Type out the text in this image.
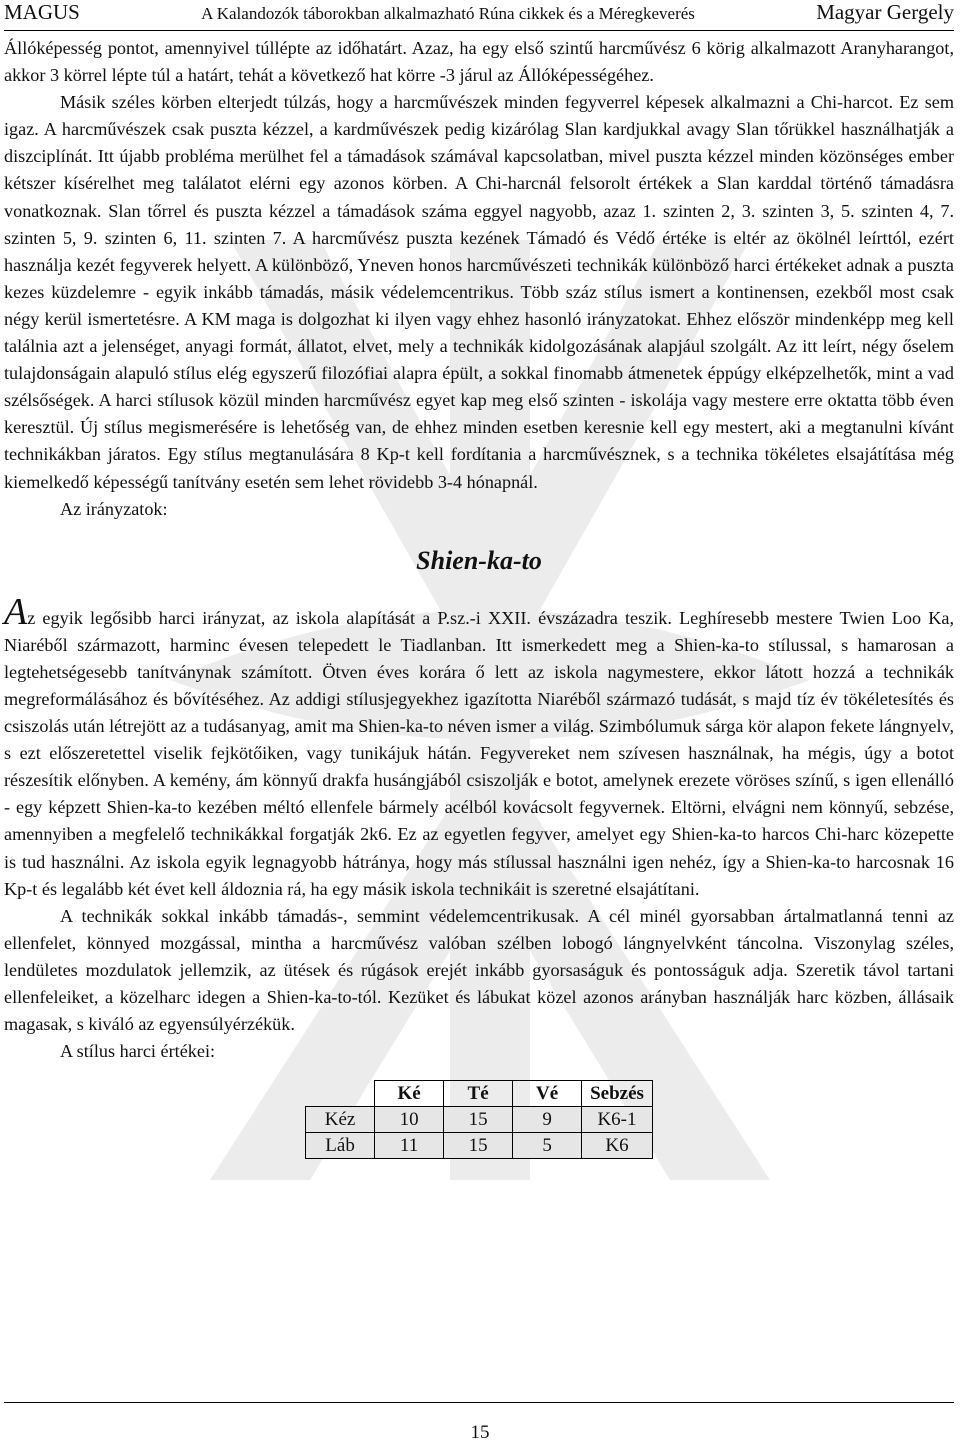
MAGUS	A Kalandozók táborokban alkalmazható Rúna cikkek és a Méregkeverés	Magyar Gergely

Állóképesség pontot, amennyivel túllépte az időhatárt. Azaz, ha egy első szintű harcművész 6 körig alkalmazott Aranyharangot, akkor 3 körrel lépte túl a határt, tehát a következő hat körre -3 járul az Állóképességéhez.

Másik széles körben elterjedt túlzás, hogy a harcművészek minden fegyverrel képesek alkalmazni a Chi-harcot. Ez sem igaz. A harcművészek csak puszta kézzel, a kardművészek pedig kizárólag Slan kardjukkal avagy Slan tőrükkel használhatják a diszciplínát. Itt újabb probléma merülhet fel a támadások számával kapcsolatban, mivel puszta kézzel minden közönséges ember kétszer kísérelhet meg találatot elérni egy azonos körben. A Chi-harcnál felsorolt értékek a Slan karddal történő támadásra vonatkoznak. Slan tőrrel és puszta kézzel a támadások száma eggyel nagyobb, azaz 1. szinten 2, 3. szinten 3, 5. szinten 4, 7. szinten 5, 9. szinten 6, 11. szinten 7. A harcművész puszta kezének Támadó és Védő értéke is eltér az ökölnél leírttól, ezért használja kezét fegyverek helyett. A különböző, Yneven honos harcművészeti technikák különböző harci értékeket adnak a puszta kezes küzdelemre - egyik inkább támadás, másik védelemcentrikus. Több száz stílus ismert a kontinensen, ezekből most csak négy kerül ismertetésre. A KM maga is dolgozhat ki ilyen vagy ehhez hasonló irányzatokat. Ehhez először mindenképp meg kell találnia azt a jelenséget, anyagi formát, állatot, elvet, mely a technikák kidolgozásának alapjául szolgált. Az itt leírt, négy őselem tulajdonságain alapuló stílus elég egyszerű filozófiai alapra épült, a sokkal finomabb átmenetek éppúgy elképzelhetők, mint a vad szélsőségek. A harci stílusok közül minden harcművész egyet kap meg első szinten - iskolája vagy mestere erre oktatta több éven keresztül. Új stílus megismerésére is lehetőség van, de ehhez minden esetben keresnie kell egy mestert, aki a megtanulni kívánt technikákban járatos. Egy stílus megtanulására 8 Kp-t kell fordítania a harcművésznek, s a technika tökéletes elsajátítása még kiemelkedő képességű tanítvány esetén sem lehet rövidebb 3-4 hónapnál.

Az irányzatok:

Shien-ka-to

Az egyik legősibb harci irányzat, az iskola alapítását a P.sz.-i XXII. évszázadra teszik. Leghíresebb mestere Twien Loo Ka, Niaréből származott, harminc évesen telepedett le Tiadlanban. Itt ismerkedett meg a Shien-ka-to stílussal, s hamarosan a legtehetségesebb tanítványnak számított. Ötven éves korára ő lett az iskola nagymestere, ekkor látott hozzá a technikák megreformálásához és bővítéséhez. Az addigi stílusjegyekhez igazította Niaréből származó tudását, s majd tíz év tökéletesítés és csiszolás után létrejött az a tudásanyag, amit ma Shien-ka-to néven ismer a világ. Szimbólumuk sárga kör alapon fekete lángnyelv, s ezt előszeretettel viselik fejkötőiken, vagy tunikájuk hátán. Fegyvereket nem szívesen használnak, ha mégis, úgy a botot részesítik előnyben. A kemény, ám könnyű drakfa husángjából csiszolják e botot, amelynek erezete vöröses színű, s igen ellenálló - egy képzett Shien-ka-to kezében méltó ellenfele bármely acélból kovácsolt fegyvernek. Eltörni, elvágni nem könnyű, sebzése, amennyiben a megfelelő technikákkal forgatják 2k6. Ez az egyetlen fegyver, amelyet egy Shien-ka-to harcos Chi-harc közepette is tud használni. Az iskola egyik legnagyobb hátránya, hogy más stílussal használni igen nehéz, így a Shien-ka-to harcosnak 16 Kp-t és legalább két évet kell áldoznia rá, ha egy másik iskola technikáit is szeretné elsajátítani.

A technikák sokkal inkább támadás-, semmint védelemcentrikusak. A cél minél gyorsabban ártalmatlanná tenni az ellenfelet, könnyed mozgással, mintha a harcművész valóban szélben lobogó lángnyelvként táncolna. Viszonylag széles, lendületes mozdulatok jellemzik, az ütések és rúgások erejét inkább gyorsaságuk és pontosságuk adja. Szeretik távol tartani ellenfeleiket, a közelharc idegen a Shien-ka-to-tól. Kezüket és lábukat közel azonos arányban használják harc közben, állásaik magasak, s kiváló az egyensúlyérzékük.

A stílus harci értékei:

	Ké	Té	Vé	Sebzés
Kéz	10	15	9	K6-1
Láb	11	15	5	K6
15
